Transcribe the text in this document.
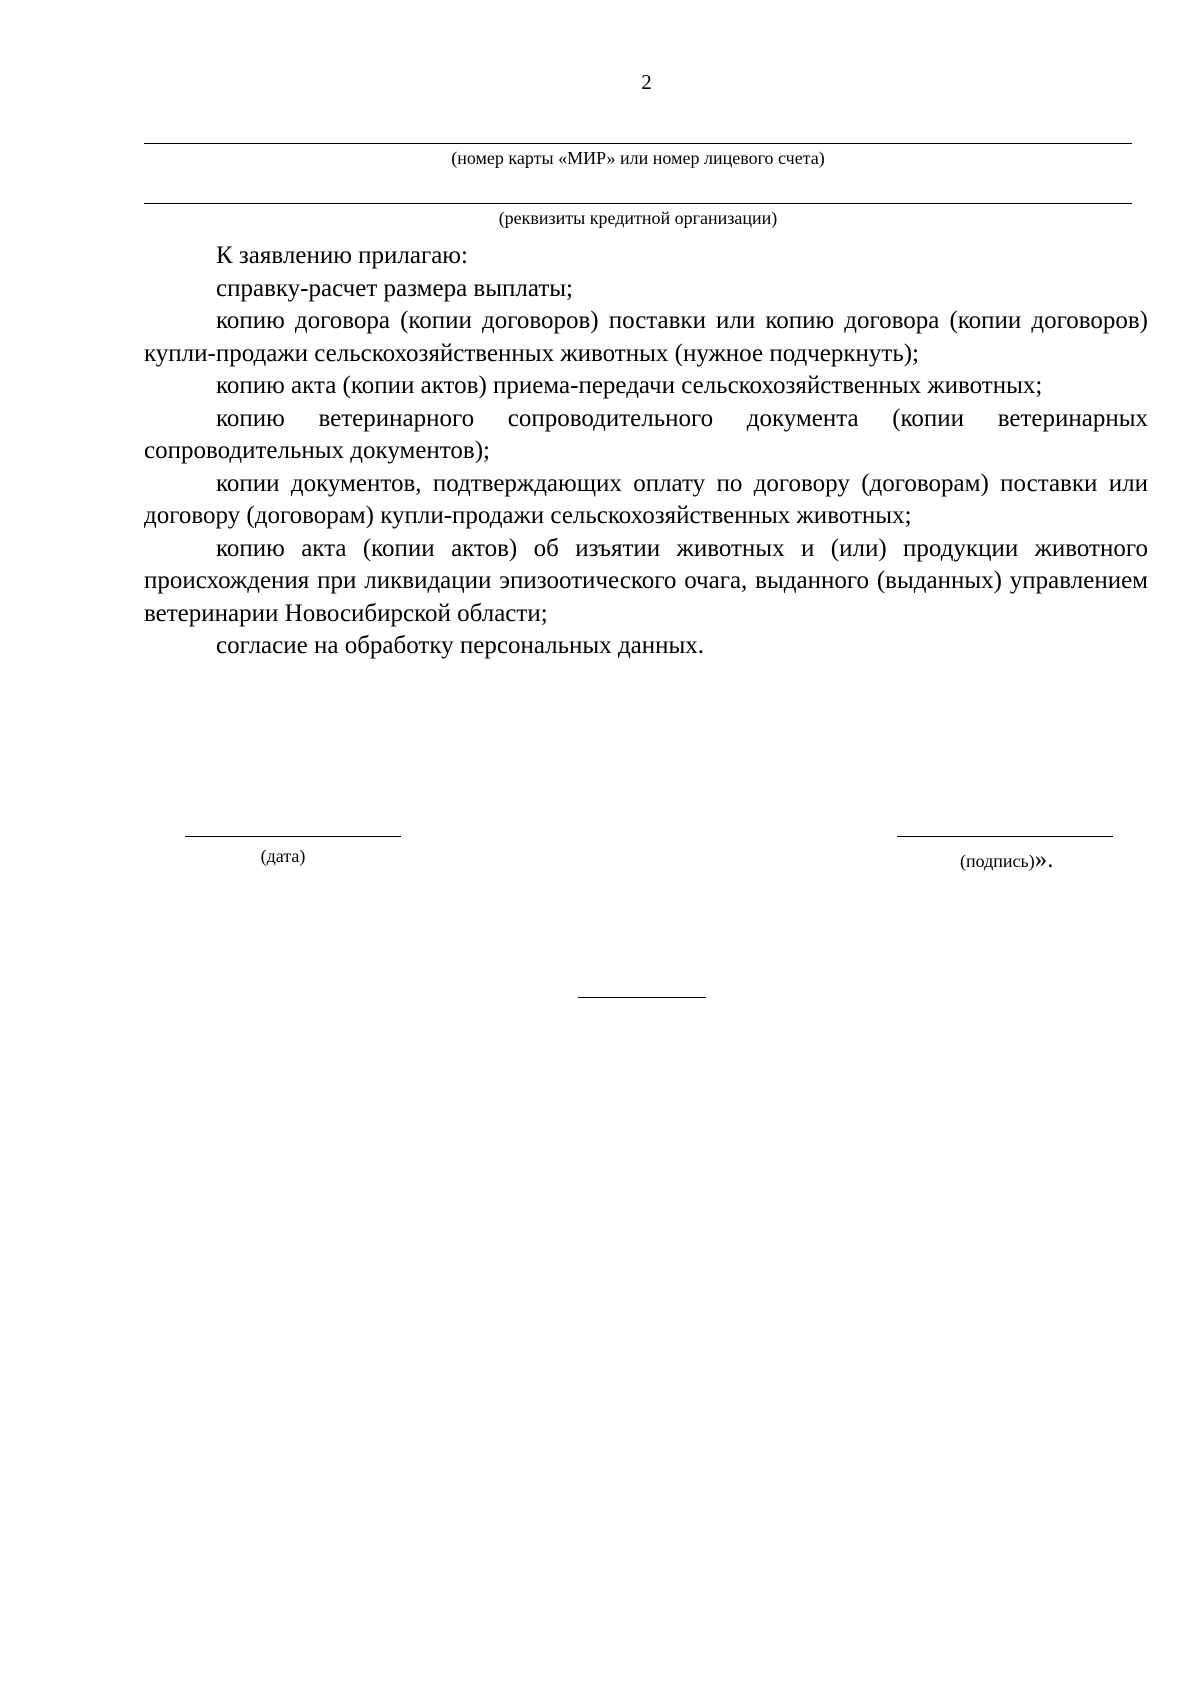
2
(номер карты «МИР» или номер лицевого счета)
(реквизиты кредитной организации)

К заявлению прилагаю:

справку-расчет размера выплаты;

копию договора (копии договоров) поставки или копию договора (копии договоров) купли-продажи сельскохозяйственных животных (нужное подчеркнуть);

копию акта (копии актов) приема-передачи сельскохозяйственных животных;

копию ветеринарного сопроводительного документа (копии ветеринарных сопроводительных документов);

копии документов, подтверждающих оплату по договору (договорам) поставки или договору (договорам) купли-продажи сельскохозяйственных животных;

копию акта (копии актов) об изъятии животных и (или) продукции животного происхождения при ликвидации эпизоотического очага, выданного (выданных) управлением ветеринарии Новосибирской области;

согласие на обработку персональных данных.

(дата)	(подпись)».
